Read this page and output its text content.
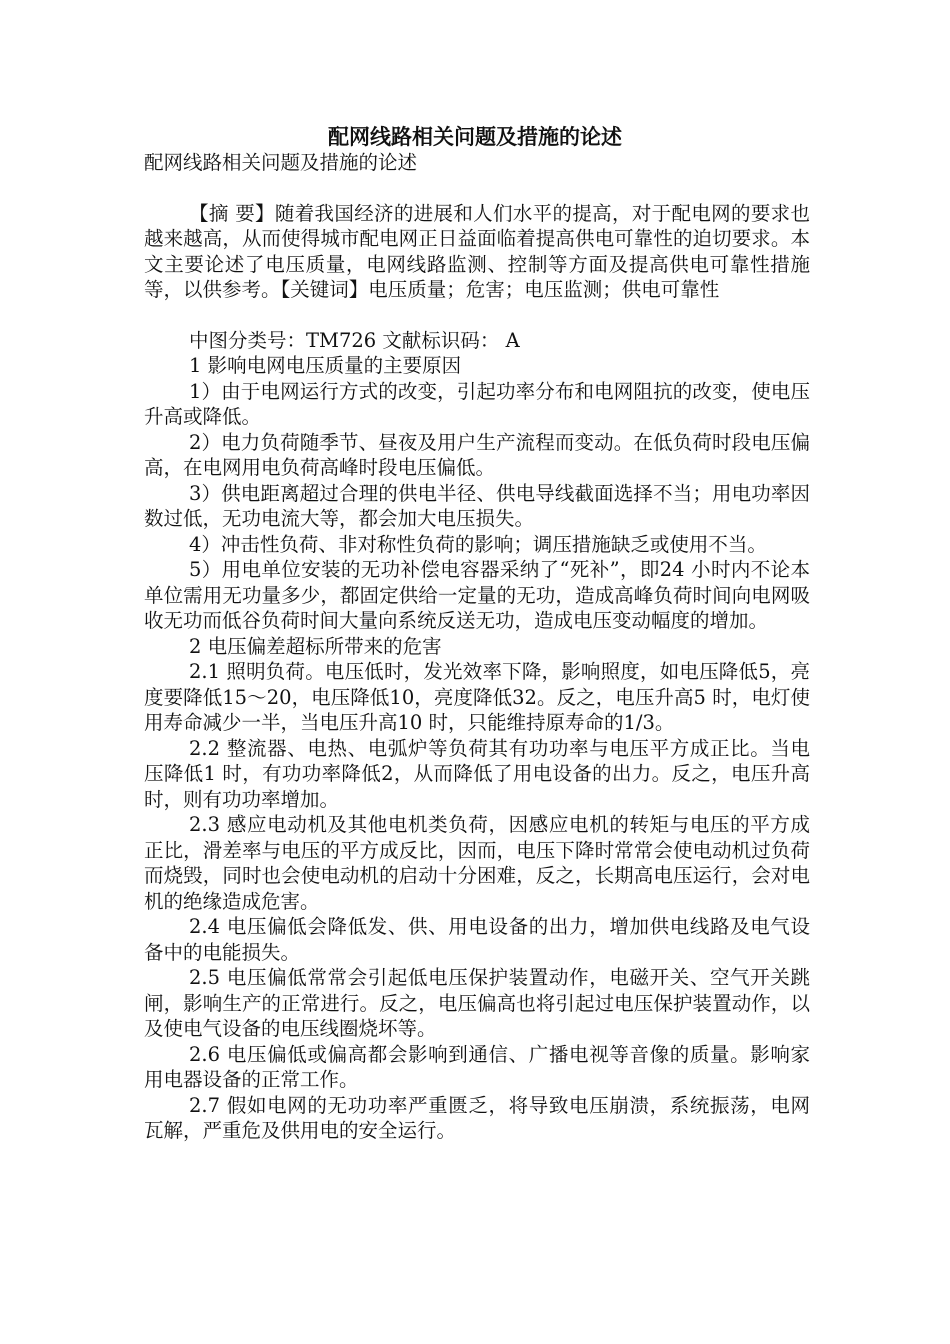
配网线路相关问题及措施的论述

配网线路相关问题及措施的论述

【摘 要】随着我国经济的进展和人们水平的提高，对于配电网的要求也越来越高，从而使得城市配电网正日益面临着提高供电可靠性的迫切要求。本文主要论述了电压质量，电网线路监测、控制等方面及提高供电可靠性措施等，以供参考。【关键词】电压质量；危害；电压监测；供电可靠性

中图分类号：TM726 文献标识码： A

1 影响电网电压质量的主要原因

1）由于电网运行方式的改变，引起功率分布和电网阻抗的改变，使电压升高或降低。

2）电力负荷随季节、昼夜及用户生产流程而变动。在低负荷时段电压偏高，在电网用电负荷高峰时段电压偏低。

3）供电距离超过合理的供电半径、供电导线截面选择不当；用电功率因数过低，无功电流大等，都会加大电压损失。

4）冲击性负荷、非对称性负荷的影响；调压措施缺乏或使用不当。

5）用电单位安装的无功补偿电容器采纳了“死补”，即24 小时内不论本单位需用无功量多少，都固定供给一定量的无功，造成高峰负荷时间向电网吸收无功而低谷负荷时间大量向系统反送无功，造成电压变动幅度的增加。

2 电压偏差超标所带来的危害

2.1 照明负荷。电压低时，发光效率下降，影响照度，如电压降低5，亮度要降低15～20，电压降低10，亮度降低32。反之，电压升高5 时，电灯使用寿命减少一半，当电压升高10 时，只能维持原寿命的1/3。

2.2 整流器、电热、电弧炉等负荷其有功功率与电压平方成正比。当电压降低1 时，有功功率降低2，从而降低了用电设备的出力。反之，电压升高时，则有功功率增加。

2.3 感应电动机及其他电机类负荷，因感应电机的转矩与电压的平方成正比，滑差率与电压的平方成反比，因而，电压下降时常常会使电动机过负荷而烧毁，同时也会使电动机的启动十分困难，反之，长期高电压运行，会对电机的绝缘造成危害。

2.4 电压偏低会降低发、供、用电设备的出力，增加供电线路及电气设备中的电能损失。

2.5 电压偏低常常会引起低电压保护装置动作，电磁开关、空气开关跳闸，影响生产的正常进行。反之，电压偏高也将引起过电压保护装置动作，以及使电气设备的电压线圈烧坏等。

2.6 电压偏低或偏高都会影响到通信、广播电视等音像的质量。影响家用电器设备的正常工作。

2.7 假如电网的无功功率严重匮乏，将导致电压崩溃，系统振荡，电网瓦解，严重危及供用电的安全运行。
